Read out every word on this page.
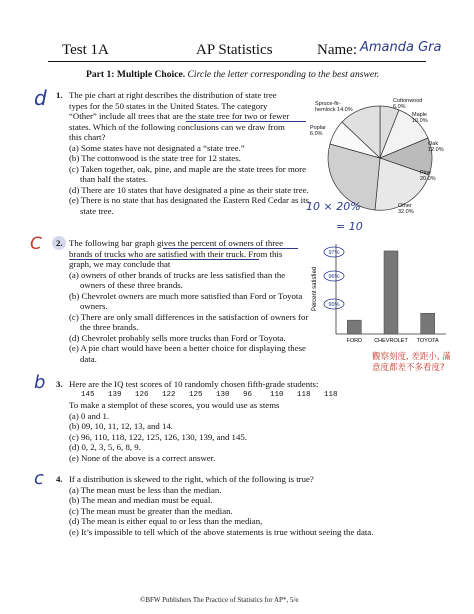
Test 1A	AP Statistics	Name: Amanda Gra
Part 1: Multiple Choice. Circle the letter corresponding to the best answer.
d 1. The pie chart at right describes the distribution of state tree
types for the 50 states in the United States. The category
“Other” include all trees that are the state tree for two or fewer
states. Which of the following conclusions can we draw from
this chart?
(a) Some states have not designated a “state tree.”
(b) The cottonwood is the state tree for 12 states.
(c) Taken together, oak, pine, and maple are the state trees for more than half the states.
(d) There are 10 states that have designated a pine as their state tree.
(e) There is no state that has designated the Eastern Red Cedar as its state tree.
Spruce-fir-hemlock 14.0%
Cottonwood 6.0%
Maple 10.0%
Oak 12.0%
Pine 20.0%
Other 32.0%
Poplar 6.0%
10 × 20%
= 10
C 2. The following bar graph gives the percent of owners of three
brands of trucks who are satisfied with their truck. From this
graph, we may conclude that
(a) owners of other brands of trucks are less satisfied than the owners of these three brands.
(b) Chevrolet owners are much more satisfied than Ford or Toyota owners.
(c) There are only small differences in the satisfaction of owners for the three brands.
(d) Chevrolet probably sells more trucks than Ford or Toyota.
(e) A pie chart would have been a better choice for displaying these data.
Percent satisfied
FORD CHEVROLET TOYOTA
97%
96%
90%
觀察刻度, 差距小, 滿意度都差不多看度?
b 3. Here are the IQ test scores of 10 randomly chosen fifth-grade students:
145   139   126   122   125   130   96    110   118   118
To make a stemplot of these scores, you would use as stems
(a) 0 and 1.
(b) 09, 10, 11, 12, 13, and 14.
(c) 96, 110, 118, 122, 125, 126, 130, 139, and 145.
(d) 0, 2, 3, 5, 6, 8, 9.
(e) None of the above is a correct answer.
c 4. If a distribution is skewed to the right, which of the following is true?
(a) The mean must be less than the median.
(b) The mean and median must be equal.
(c) The mean must be greater than the median.
(d) The mean is either equal to or less than the median,
(e) It’s impossible to tell which of the above statements is true without seeing the data.
©BFW Publishers The Practice of Statistics for AP*, 5/e
